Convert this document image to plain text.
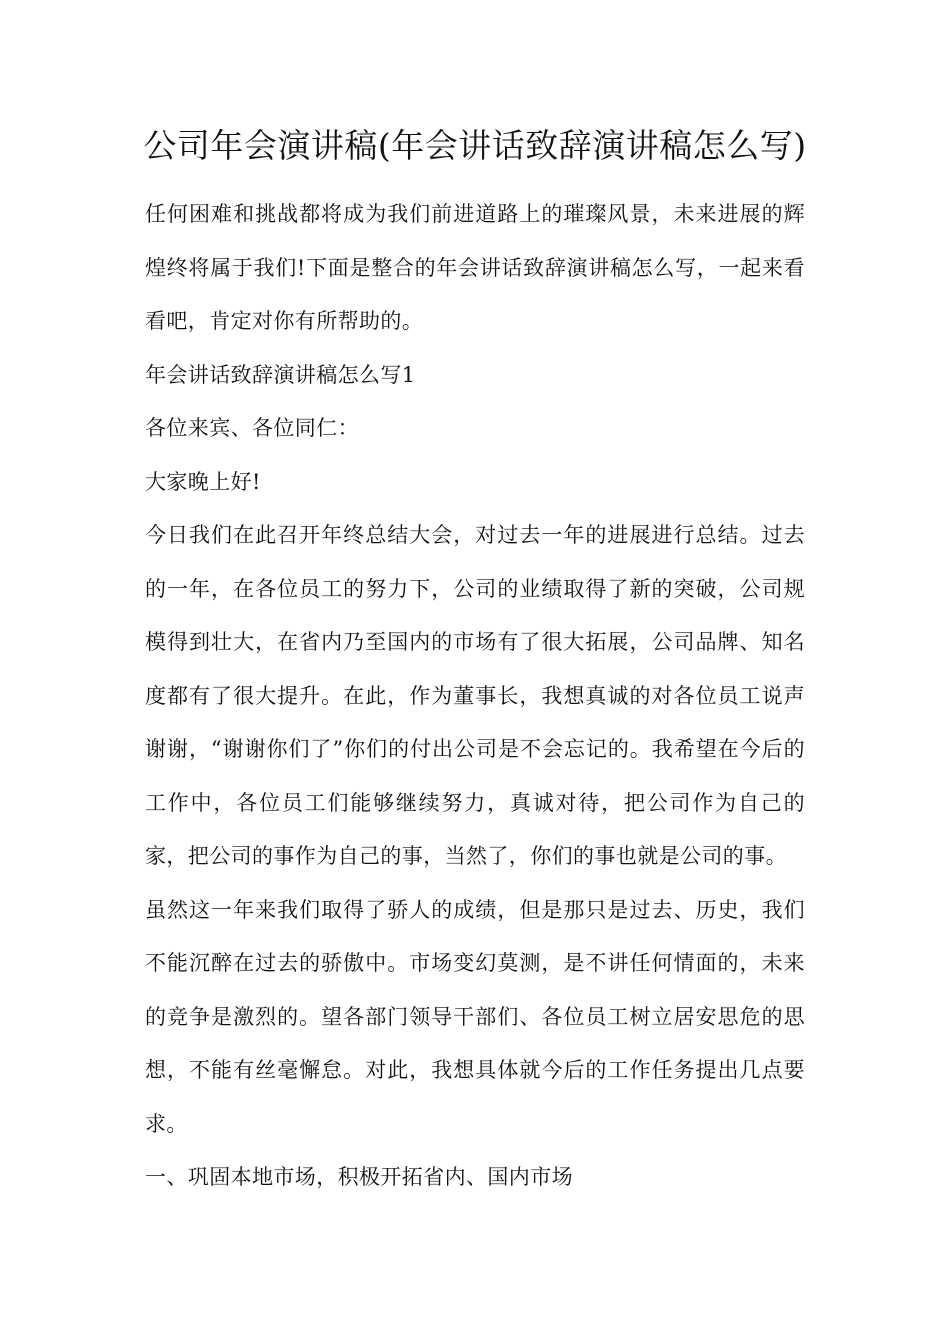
公司年会演讲稿(年会讲话致辞演讲稿怎么写)

任何困难和挑战都将成为我们前进道路上的璀璨风景，未来进展的辉煌终将属于我们!下面是整合的年会讲话致辞演讲稿怎么写，一起来看看吧，肯定对你有所帮助的。

年会讲话致辞演讲稿怎么写1

各位来宾、各位同仁：

大家晚上好!

今日我们在此召开年终总结大会，对过去一年的进展进行总结。过去的一年，在各位员工的努力下，公司的业绩取得了新的突破，公司规模得到壮大，在省内乃至国内的市场有了很大拓展，公司品牌、知名度都有了很大提升。在此，作为董事长，我想真诚的对各位员工说声谢谢，“谢谢你们了”你们的付出公司是不会忘记的。我希望在今后的工作中，各位员工们能够继续努力，真诚对待，把公司作为自己的家，把公司的事作为自己的事，当然了，你们的事也就是公司的事。

虽然这一年来我们取得了骄人的成绩，但是那只是过去、历史，我们不能沉醉在过去的骄傲中。市场变幻莫测，是不讲任何情面的，未来的竞争是激烈的。望各部门领导干部们、各位员工树立居安思危的思想，不能有丝毫懈怠。对此，我想具体就今后的工作任务提出几点要求。

一、巩固本地市场，积极开拓省内、国内市场
